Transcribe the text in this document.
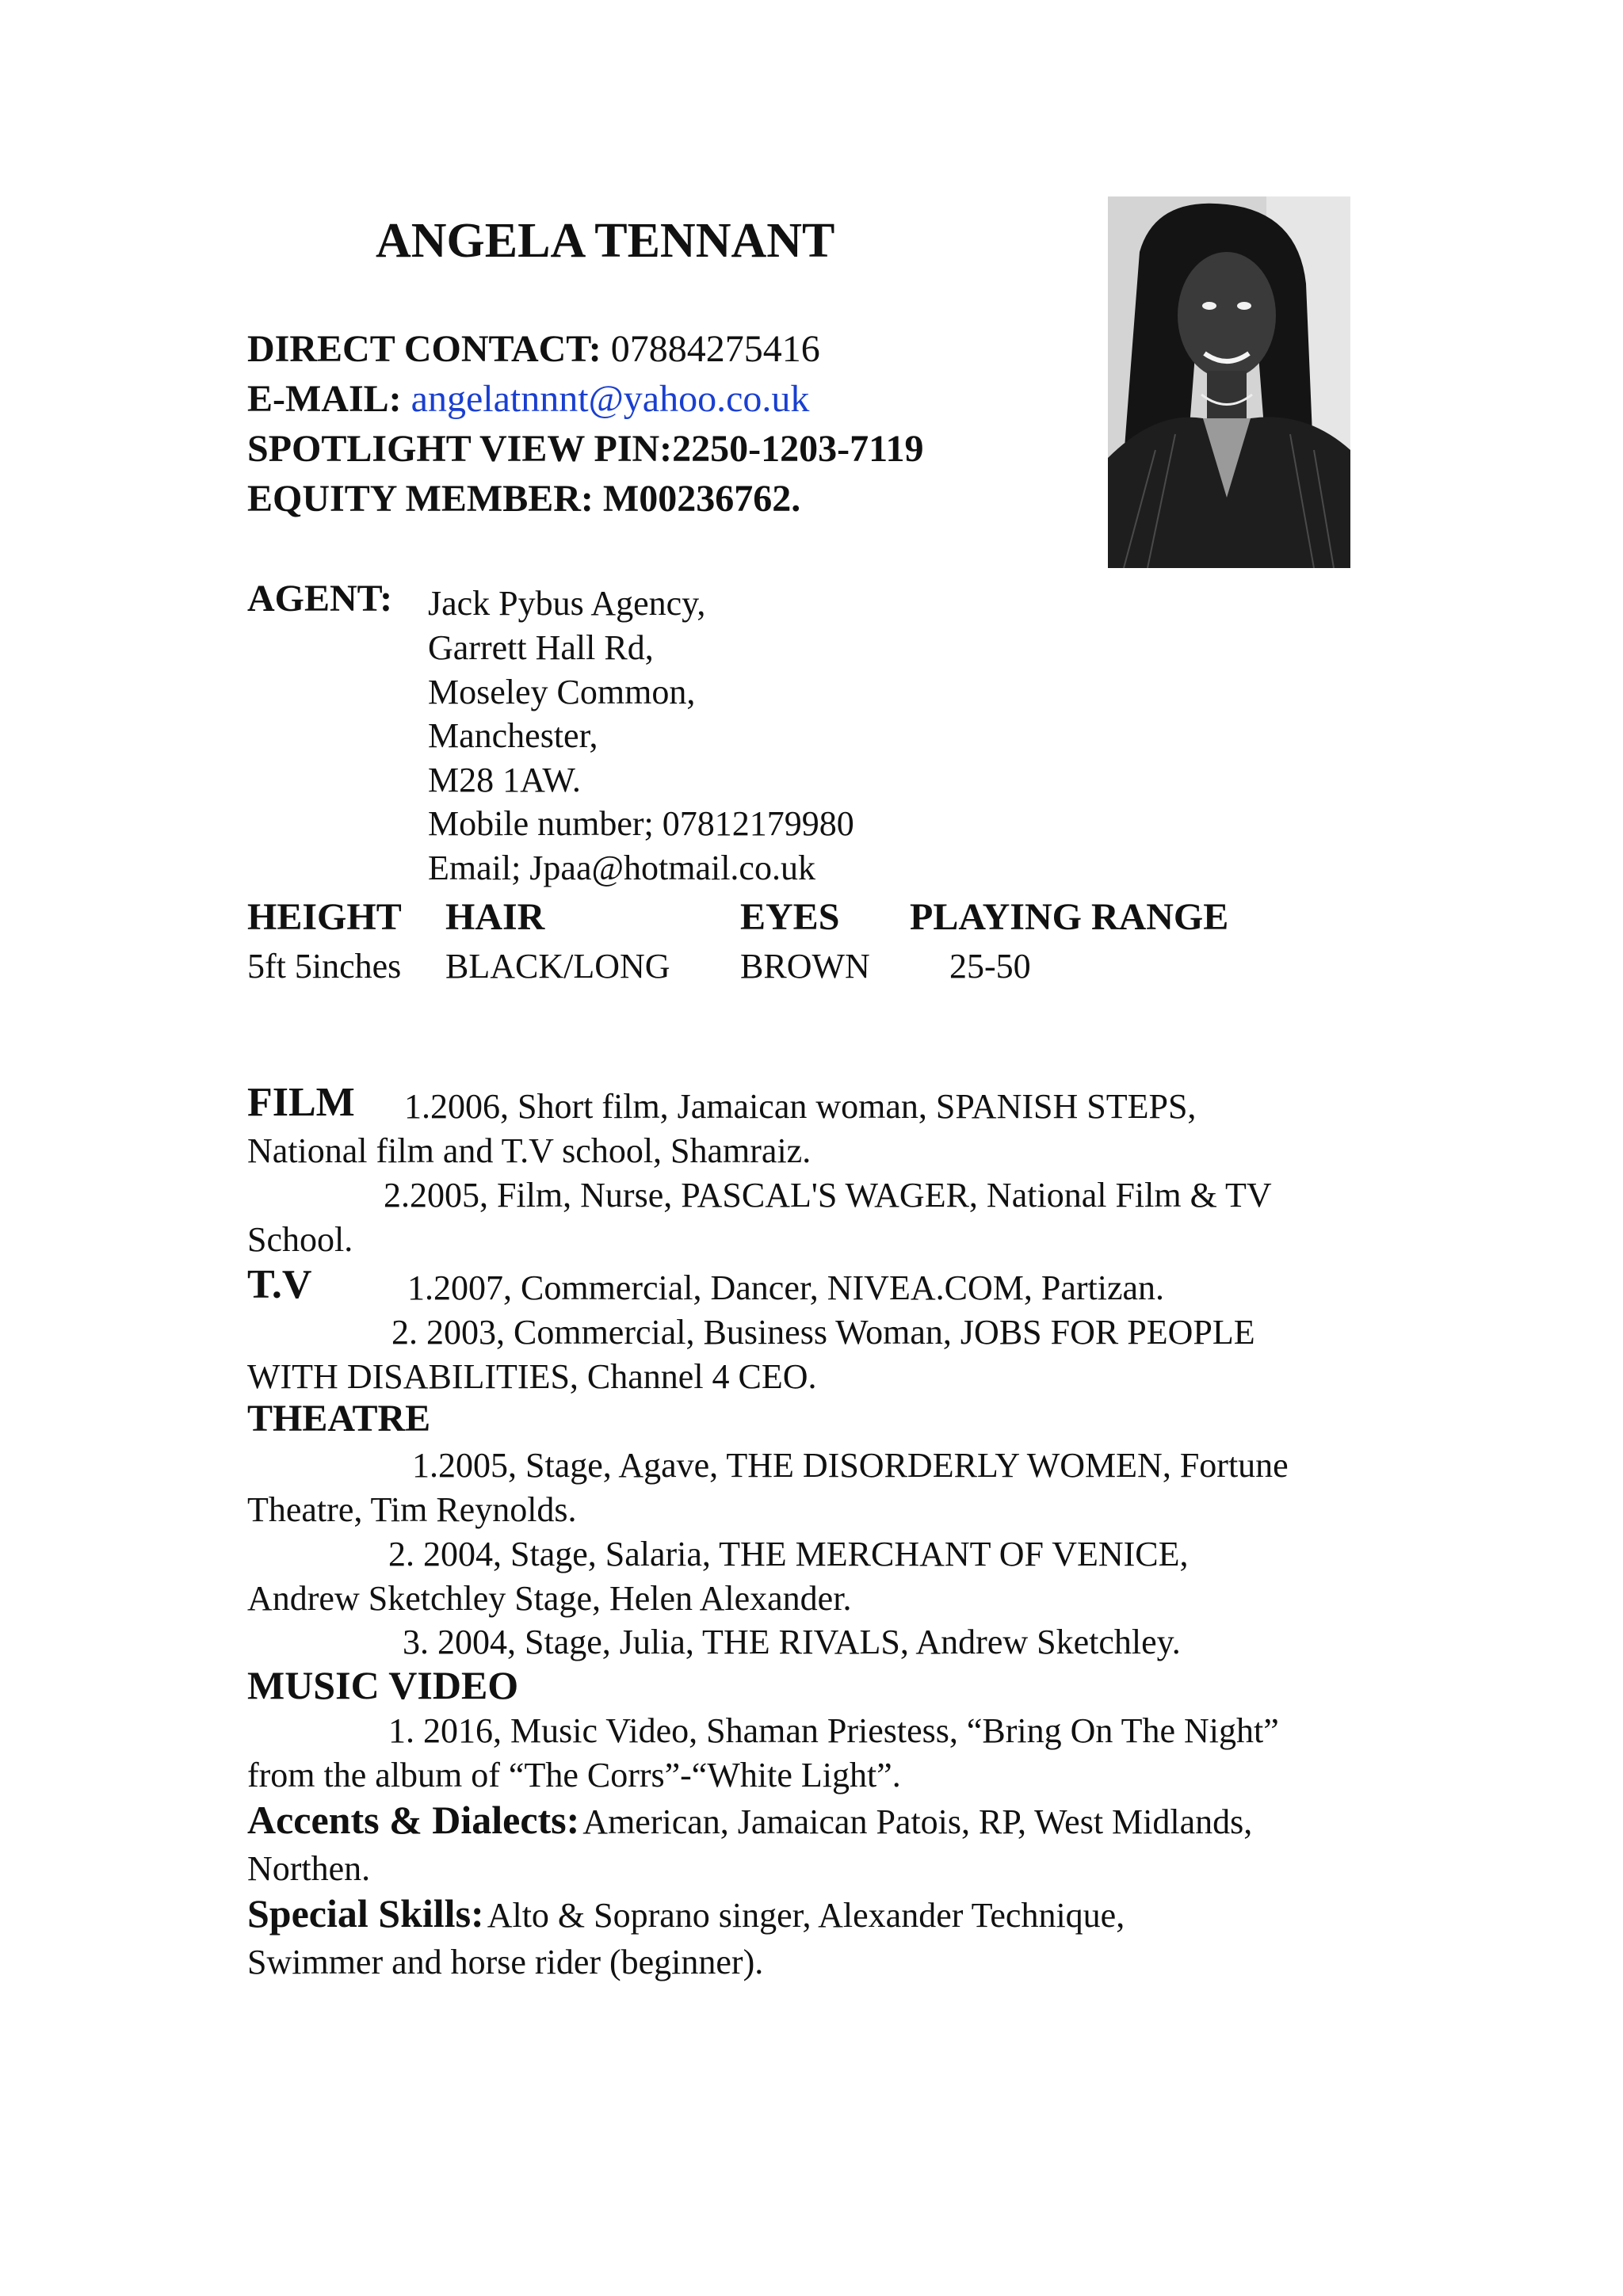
ANGELA TENNANT
DIRECT CONTACT: 07884275416
E-MAIL: angelatnnnt@yahoo.co.uk
SPOTLIGHT VIEW PIN:2250-1203-7119
EQUITY MEMBER: M00236762.
AGENT: Jack Pybus Agency,
Garrett Hall Rd,
Moseley Common,
Manchester,
M28 1AW.
Mobile number; 07812179980
Email; Jpaa@hotmail.co.uk
HEIGHT HAIR	EYES PLAYING RANGE
5ft 5inches BLACK/LONG BROWN 25-50
FILM 1.2006, Short film, Jamaican woman, SPANISH STEPS,
National film and T.V school, Shamraiz.
2.2005, Film, Nurse, PASCAL'S WAGER, National Film & TV
School.
T.V	1.2007, Commercial, Dancer, NIVEA.COM, Partizan.
2. 2003, Commercial, Business Woman, JOBS FOR PEOPLE
WITH DISABILITIES, Channel 4 CEO.
THEATRE
1.2005, Stage, Agave, THE DISORDERLY WOMEN, Fortune
Theatre, Tim Reynolds.
2. 2004, Stage, Salaria, THE MERCHANT OF VENICE,
Andrew Sketchley Stage, Helen Alexander.
3. 2004, Stage, Julia, THE RIVALS, Andrew Sketchley.
MUSIC VIDEO
1. 2016, Music Video, Shaman Priestess, “Bring On The Night”
from the album of “The Corrs”-“White Light”.
Accents & Dialects: American, Jamaican Patois, RP, West Midlands,
Northen.
Special Skills: Alto & Soprano singer, Alexander Technique,
Swimmer and horse rider (beginner).
